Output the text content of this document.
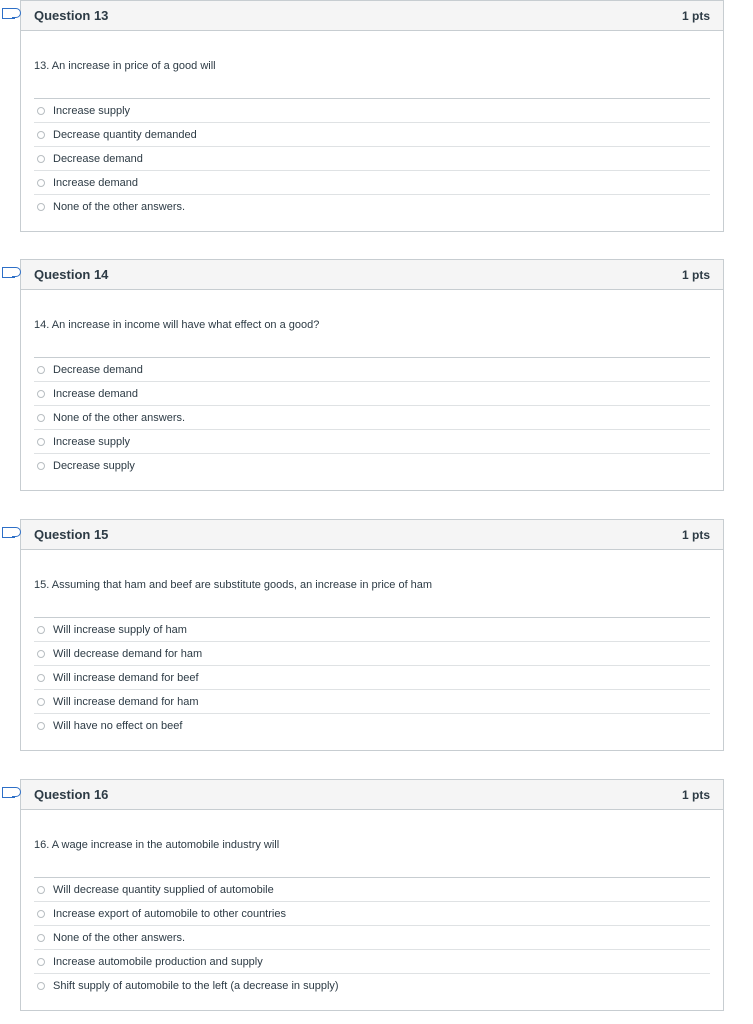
Question 13	1 pts
13. An increase in price of a good will
Increase supply
Decrease quantity demanded
Decrease demand
Increase demand
None of the other answers.
Question 14	1 pts
14. An increase in income will have what effect on a good?
Decrease demand
Increase demand
None of the other answers.
Increase supply
Decrease supply
Question 15	1 pts
15. Assuming that ham and beef are substitute goods, an increase in price of ham
Will increase supply of ham
Will decrease demand for ham
Will increase demand for beef
Will increase demand for ham
Will have no effect on beef
Question 16	1 pts
16. A wage increase in the automobile industry will
Will decrease quantity supplied of automobile
Increase export of automobile to other countries
None of the other answers.
Increase automobile production and supply
Shift supply of automobile to the left (a decrease in supply)
